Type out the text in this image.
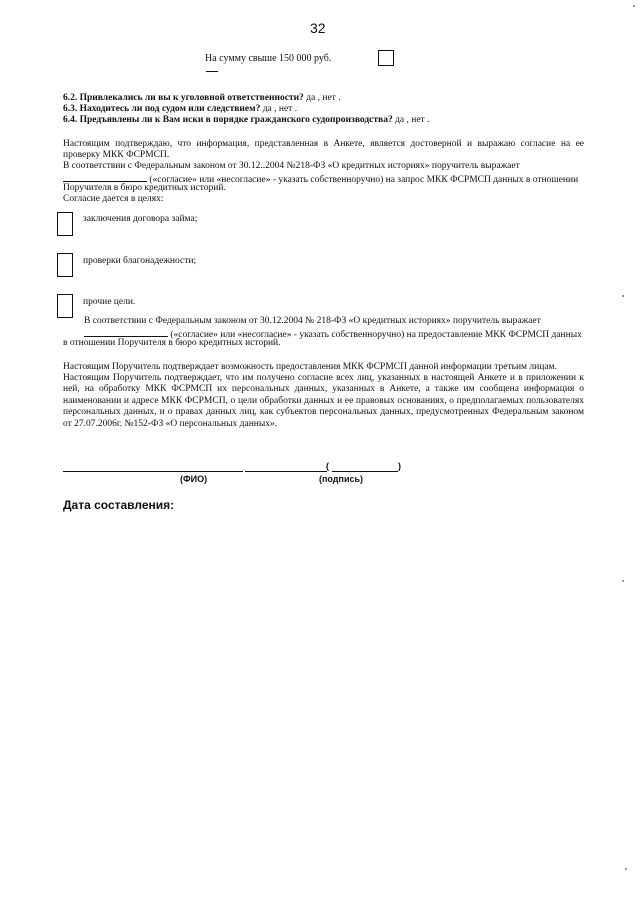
32
На сумму свыше 150 000 руб.
6.2. Привлекались ли вы к уголовной ответственности? да , нет .
6.3. Находитесь ли под судом или следствием? да , нет .
6.4. Предъявлены ли к Вам иски в порядке гражданского судопроизводства? да , нет .
Настоящим подтверждаю, что информация, представленная в Анкете, является достоверной и выражаю согласие на ее проверку МКК ФСРМСП.
В соответствии с Федеральным законом от 30.12..2004 №218-ФЗ «О кредитных историях» поручитель выражает
(«согласие» или «несогласие» - указать собственноручно) на запрос МКК ФСРМСП данных в отношении
Поручителя в бюро кредитных историй.
Согласие дается в целях:
заключения договора займа;
проверки благонадежности;
прочие цели.
В соответствии с Федеральным законом от 30.12.2004 № 218-ФЗ «О кредитных историях» поручитель выражает
(«согласие» или «несогласие» - указать собственноручно) на предоставление МКК ФСРМСП данных
в отношении Поручителя в бюро кредитных историй.
Настоящим Поручитель подтверждает возможность предоставления МКК ФСРМСП данной информации третьим лицам.
Настоящим Поручитель подтверждает, что им получено согласие всех лиц, указанных в настоящей Анкете и в приложении к ней, на обработку МКК ФСРМСП их персональных данных, указанных в Анкете, а также им сообщена информация о наименовании и адресе МКК ФСРМСП, о цели обработки данных и ее правовых основаниях, о предполагаемых пользователях персональных данных, и о правах данных лиц, как субъектов персональных данных, предусмотренных Федеральным законом от 27.07.2006г. №152-ФЗ «О персональных данных».
(	)
(ФИО)	(подпись)
Дата составления:
